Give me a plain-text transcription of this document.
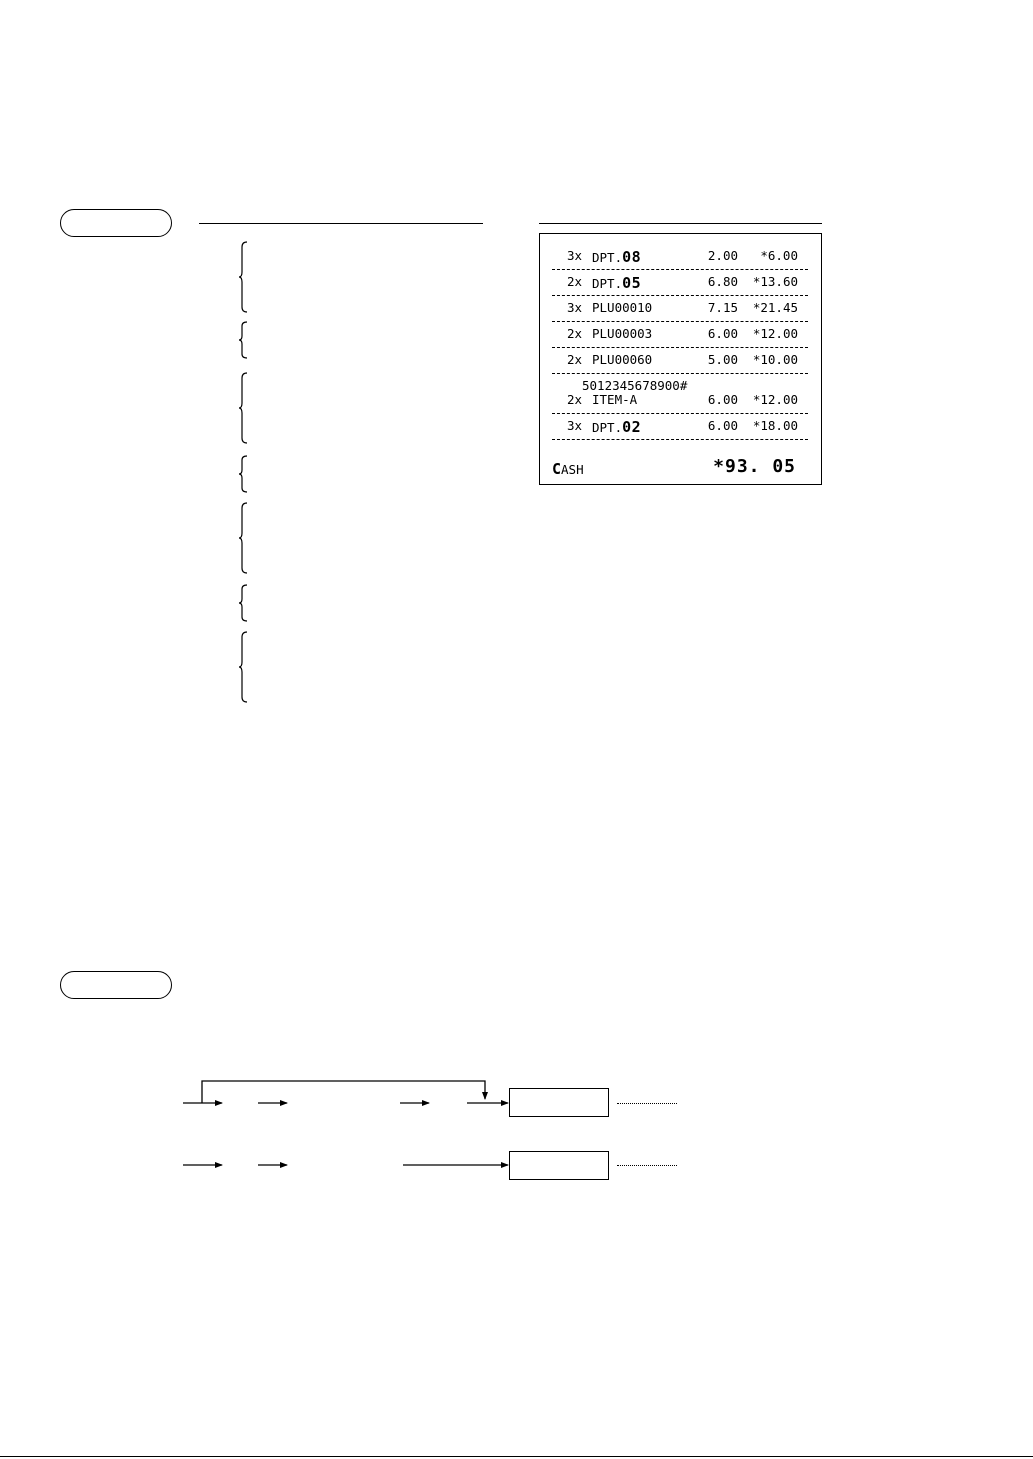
3x DPT.08	2.00 *6.00
2x DPT.05	6.80 *13.60
3x PLU00010	7.15 *21.45
2x PLU00003	6.00 *12.00
2x PLU00060	5.00 *10.00
5012345678900#
2x ITEM-A	6.00 *12.00
3x DPT.02	6.00 *18.00
CASH	*93. 05
